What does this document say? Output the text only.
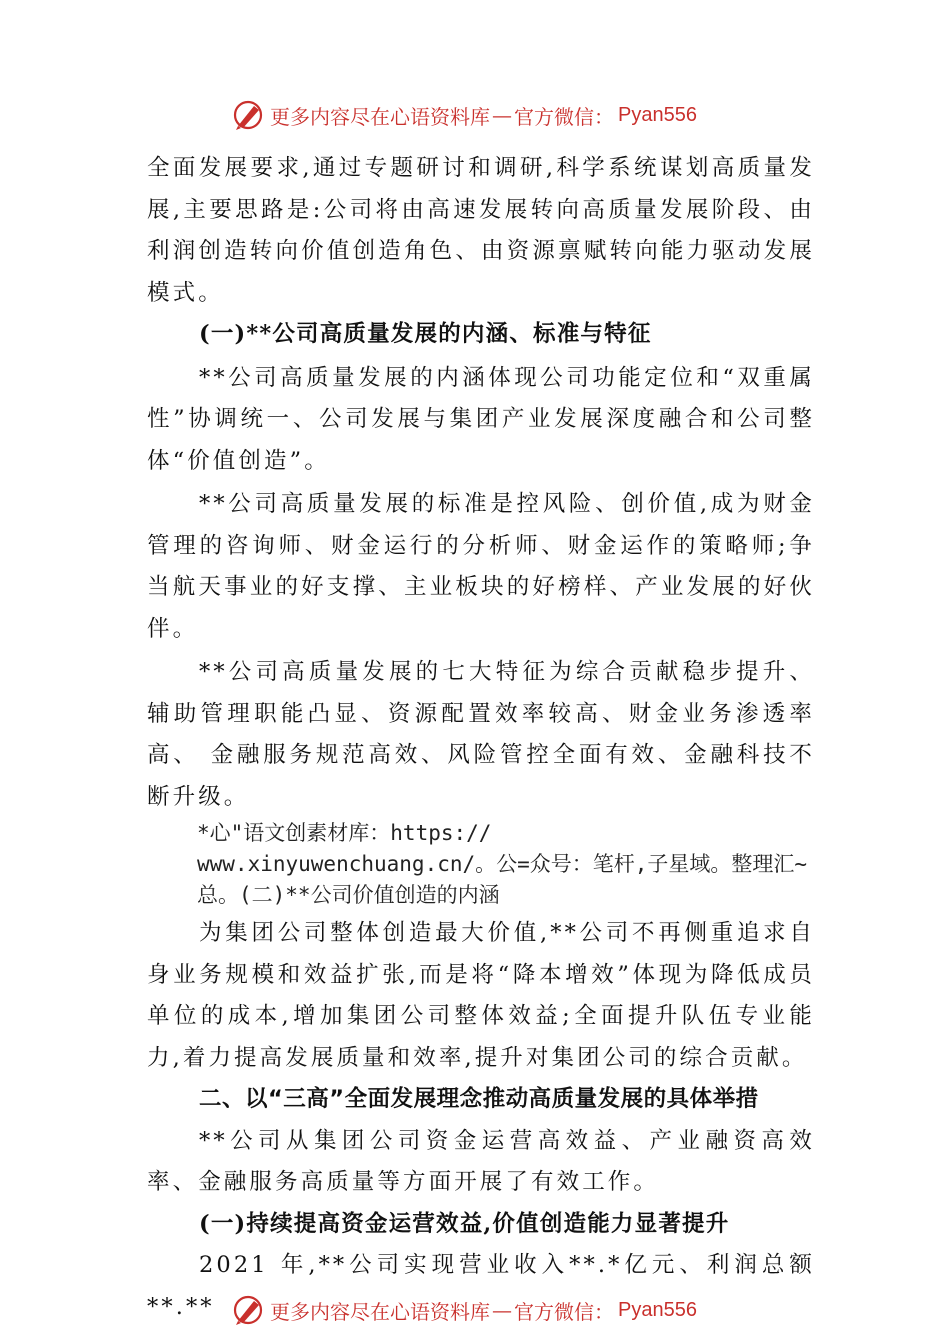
更多内容尽在心语资料库 — 官方微信： Pyan556

全面发展要求,通过专题研讨和调研,科学系统谋划高质量发展,主要思路是:公司将由高速发展转向高质量发展阶段、由利润创造转向价值创造角色、由资源禀赋转向能力驱动发展模式。

(一)**公司高质量发展的内涵、标准与特征

**公司高质量发展的内涵体现公司功能定位和“双重属性”协调统一、公司发展与集团产业发展深度融合和公司整体“价值创造”。

**公司高质量发展的标准是控风险、创价值,成为财金管理的咨询师、财金运行的分析师、财金运作的策略师;争当航天事业的好支撑、主业板块的好榜样、产业发展的好伙伴。

**公司高质量发展的七大特征为综合贡献稳步提升、辅助管理职能凸显、资源配置效率较高、财金业务渗透率高、 金融服务规范高效、风险管控全面有效、金融科技不断升级。

*心"语文创素材库：https://

www.xinyuwenchuang.cn/。公=众号：笔杆,子星域。整理汇~总。(二)**公司价值创造的内涵

为集团公司整体创造最大价值,**公司不再侧重追求自身业务规模和效益扩张,而是将“降本增效”体现为降低成员单位的成本,增加集团公司整体效益;全面提升队伍专业能力,着力提高发展质量和效率,提升对集团公司的综合贡献。

二、以“三高”全面发展理念推动高质量发展的具体举措

**公司从集团公司资金运营高效益、产业融资高效率、金融服务高质量等方面开展了有效工作。

(一)持续提高资金运营效益,价值创造能力显著提升

2021 年,**公司实现营业收入**.*亿元、利润总额**.**	更多内容尽在心语资料库 — 官方微信： Pyan556
